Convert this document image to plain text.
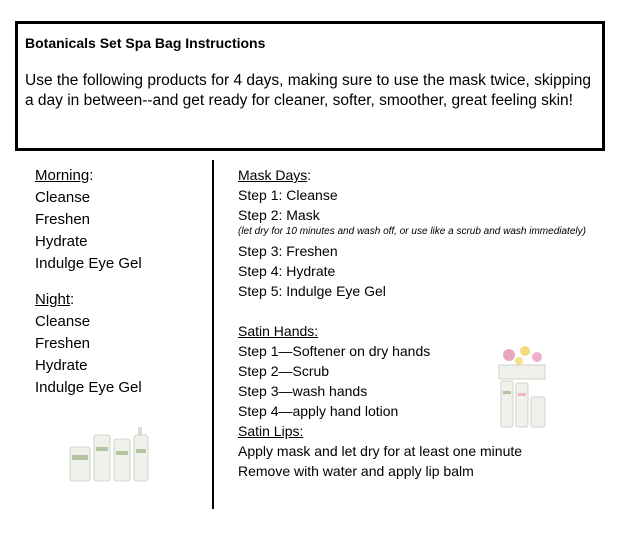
Botanicals Set Spa Bag Instructions
Use the following products for 4 days, making sure to use the mask twice, skipping a day in between--and get ready for cleaner, softer, smoother, great feeling skin!
Morning:
Cleanse
Freshen
Hydrate
Indulge Eye Gel
Night:
Cleanse
Freshen
Hydrate
Indulge Eye Gel
Mask Days:
Step 1: Cleanse
Step 2: Mask
(let dry for 10 minutes and wash off, or use like a scrub and wash immediately)
Step 3: Freshen
Step 4: Hydrate
Step 5: Indulge Eye Gel
Satin Hands:
Step 1—Softener on dry hands
Step 2—Scrub
Step 3—wash hands
Step 4—apply hand lotion
Satin Lips:
Apply mask and let dry for at least one minute
Remove with water and apply lip balm
